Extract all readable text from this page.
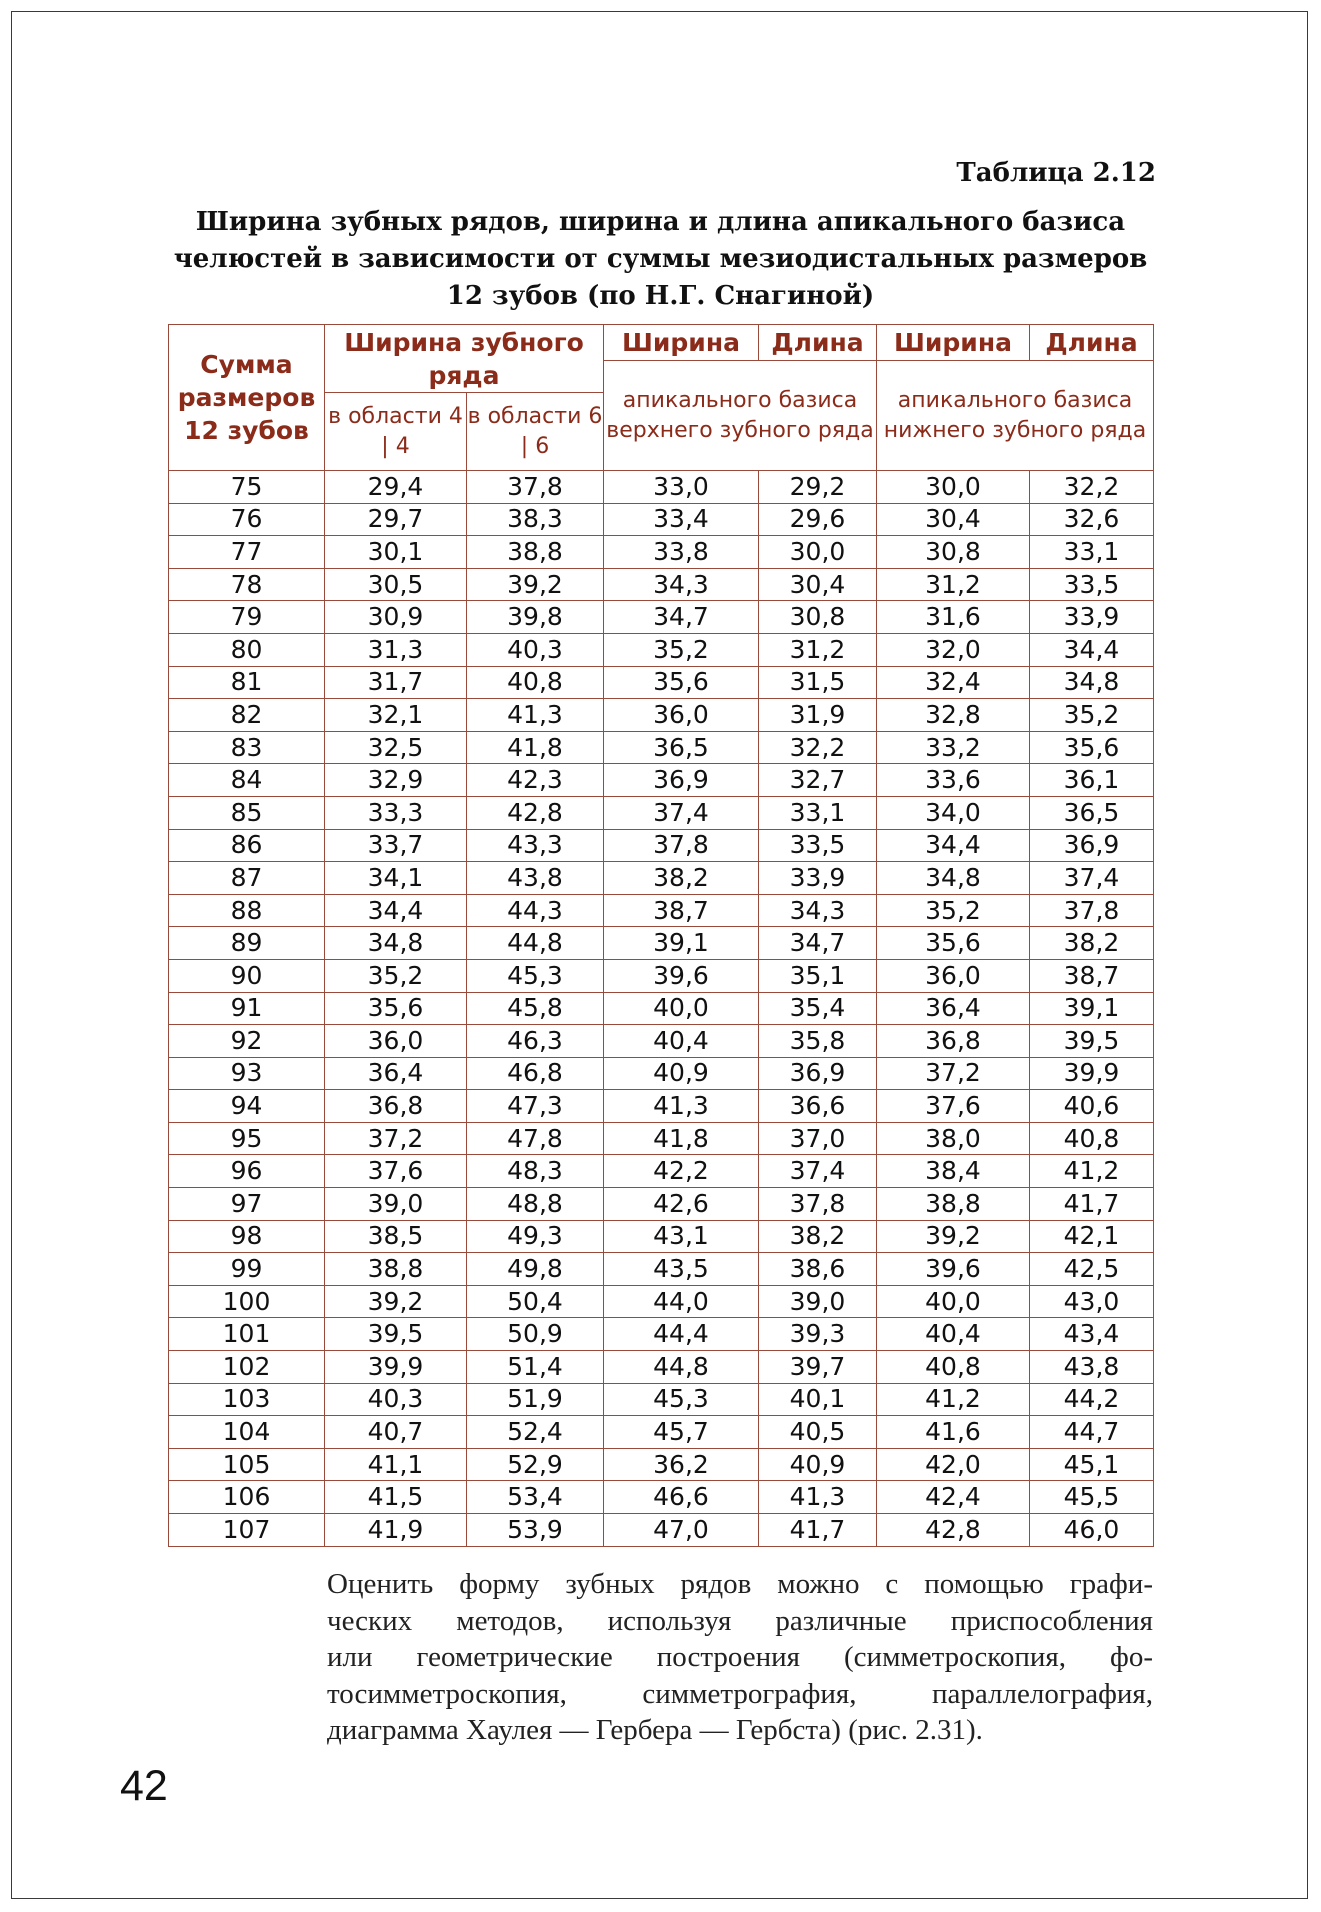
Таблица 2.12
Ширина зубных рядов, ширина и длина апикального базиса
челюстей в зависимости от суммы мезиодистальных размеров
12 зубов (по Н.Г. Снагиной)
Сумма размеров 12 зубов	Ширина зубного ряда		Ширина	Длина	Ширина	Длина
			апикального базиса верхнего зубного ряда		апикального базиса нижнего зубного ряда	
	в области 4 | 4	в области 6 | 6				
75	29,4	37,8	33,0	29,2	30,0	32,2
76	29,7	38,3	33,4	29,6	30,4	32,6
77	30,1	38,8	33,8	30,0	30,8	33,1
78	30,5	39,2	34,3	30,4	31,2	33,5
79	30,9	39,8	34,7	30,8	31,6	33,9
80	31,3	40,3	35,2	31,2	32,0	34,4
81	31,7	40,8	35,6	31,5	32,4	34,8
82	32,1	41,3	36,0	31,9	32,8	35,2
83	32,5	41,8	36,5	32,2	33,2	35,6
84	32,9	42,3	36,9	32,7	33,6	36,1
85	33,3	42,8	37,4	33,1	34,0	36,5
86	33,7	43,3	37,8	33,5	34,4	36,9
87	34,1	43,8	38,2	33,9	34,8	37,4
88	34,4	44,3	38,7	34,3	35,2	37,8
89	34,8	44,8	39,1	34,7	35,6	38,2
90	35,2	45,3	39,6	35,1	36,0	38,7
91	35,6	45,8	40,0	35,4	36,4	39,1
92	36,0	46,3	40,4	35,8	36,8	39,5
93	36,4	46,8	40,9	36,9	37,2	39,9
94	36,8	47,3	41,3	36,6	37,6	40,6
95	37,2	47,8	41,8	37,0	38,0	40,8
96	37,6	48,3	42,2	37,4	38,4	41,2
97	39,0	48,8	42,6	37,8	38,8	41,7
98	38,5	49,3	43,1	38,2	39,2	42,1
99	38,8	49,8	43,5	38,6	39,6	42,5
100	39,2	50,4	44,0	39,0	40,0	43,0
101	39,5	50,9	44,4	39,3	40,4	43,4
102	39,9	51,4	44,8	39,7	40,8	43,8
103	40,3	51,9	45,3	40,1	41,2	44,2
104	40,7	52,4	45,7	40,5	41,6	44,7
105	41,1	52,9	36,2	40,9	42,0	45,1
106	41,5	53,4	46,6	41,3	42,4	45,5
107	41,9	53,9	47,0	41,7	42,8	46,0
Оценить форму зубных рядов можно с помощью графи-
ческих методов, используя различные приспособления
или геометрические построения (симметроскопия, фо-
тосимметроскопия, симметрография, параллелография,
диаграмма Хаулея — Гербера — Гербста) (рис. 2.31).
42
